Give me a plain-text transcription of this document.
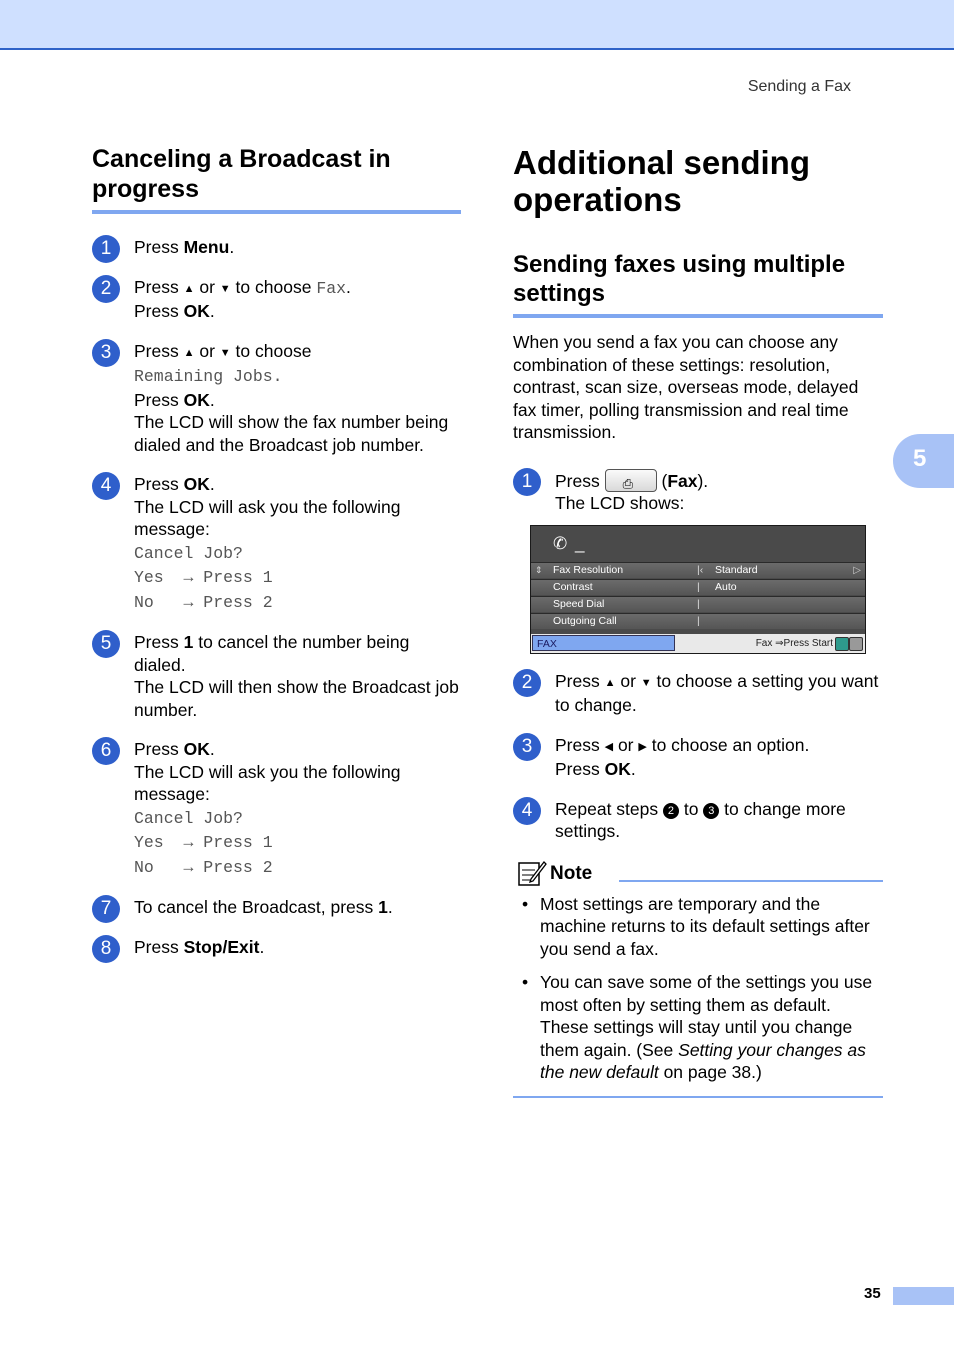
Sending a Fax
5
Canceling a Broadcast in progress
1	Press Menu.
2	Press ▲ or ▼ to choose Fax.
Press OK.
3	Press ▲ or ▼ to choose
Remaining Jobs.
Press OK.
The LCD will show the fax number being dialed and the Broadcast job number.
4	Press OK.
The LCD will ask you the following message:
Cancel Job?
Yes  → Press 1
No   → Press 2
5	Press 1 to cancel the number being dialed.
The LCD will then show the Broadcast job number.
6	Press OK.
The LCD will ask you the following message:
Cancel Job?
Yes  → Press 1
No   → Press 2
7	To cancel the Broadcast, press 1.
8	Press Stop/Exit.
Additional sending operations
Sending faxes using multiple settings
When you send a fax you can choose any combination of these settings: resolution, contrast, scan size, overseas mode, delayed fax timer, polling transmission and real time transmission.
1	Press ⎙ (Fax).
The LCD shows:
✆ _
⇕ Fax Resolution	|‹ Standard	▷
Contrast	| Auto
Speed Dial	|
Outgoing Call	|
FAX	Fax ⇒Press Start
2	Press ▲ or ▼ to choose a setting you want to change.
3	Press ◀ or ▶ to choose an option.
Press OK.
4	Repeat steps 2 to 3 to change more settings.
Note
• Most settings are temporary and the machine returns to its default settings after you send a fax.
• You can save some of the settings you use most often by setting them as default. These settings will stay until you change them again. (See Setting your changes as the new default on page 38.)
35
